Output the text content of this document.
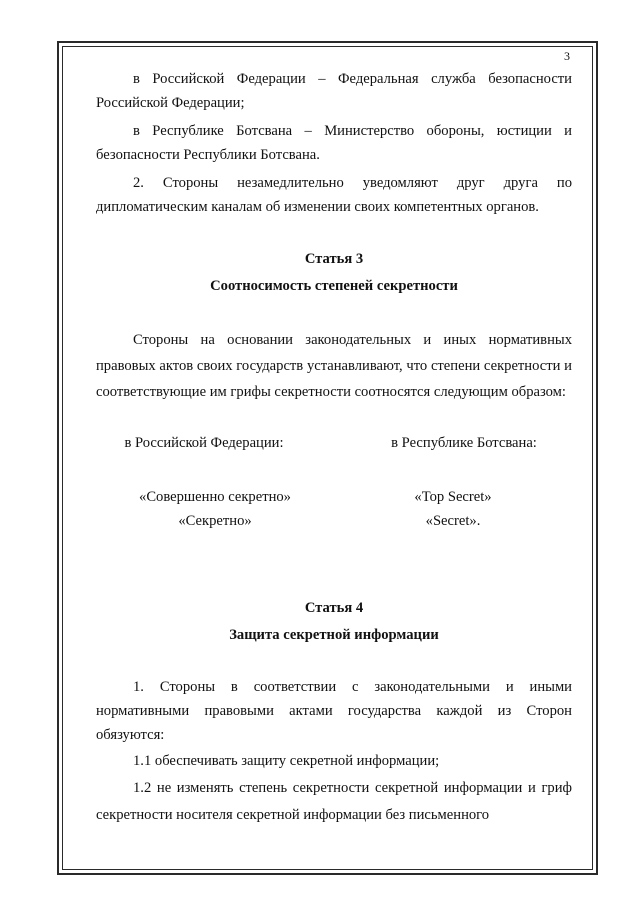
3

в Российской Федерации – Федеральная служба безопасности Российской Федерации;

в Республике Ботсвана – Министерство обороны, юстиции и безопасности Республики Ботсвана.

2. Стороны незамедлительно уведомляют друг друга по дипломатическим каналам об изменении своих компетентных органов.

Статья 3
Соотносимость степеней секретности

Стороны на основании законодательных и иных нормативных правовых актов своих государств устанавливают, что степени секретности и соответствующие им грифы секретности соотносятся следующим образом:

в Российской Федерации:
«Совершенно секретно»
«Секретно»
в Республике Ботсвана:
«Top Secret»
«Secret».
Статья 4
Защита секретной информации

1. Стороны в соответствии с законодательными и иными нормативными правовыми актами государства каждой из Сторон обязуются:

1.1 обеспечивать защиту секретной информации;

1.2 не изменять степень секретности секретной информации и гриф секретности носителя секретной информации без письменного
